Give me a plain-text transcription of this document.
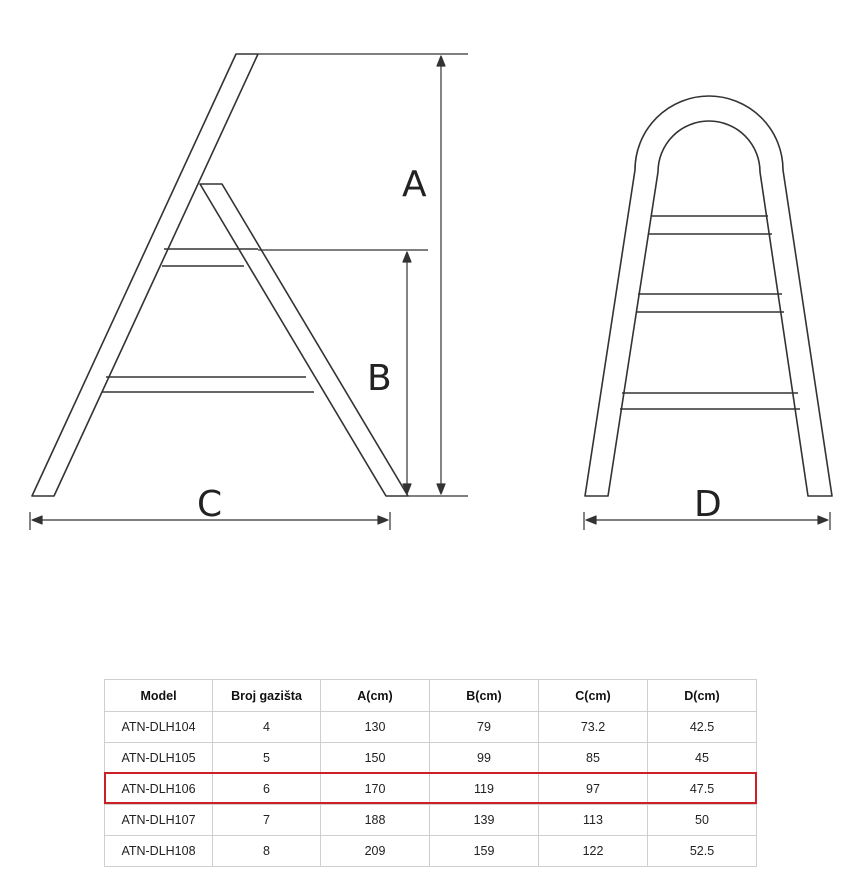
A
B
C	D
Model	Broj gazišta	A(cm)	B(cm)	C(cm)	D(cm)
ATN-DLH104	4	130	79	73.2	42.5
ATN-DLH105	5	150	99	85	45
ATN-DLH106	6	170	119	97	47.5
ATN-DLH107	7	188	139	113	50
ATN-DLH108	8	209	159	122	52.5
